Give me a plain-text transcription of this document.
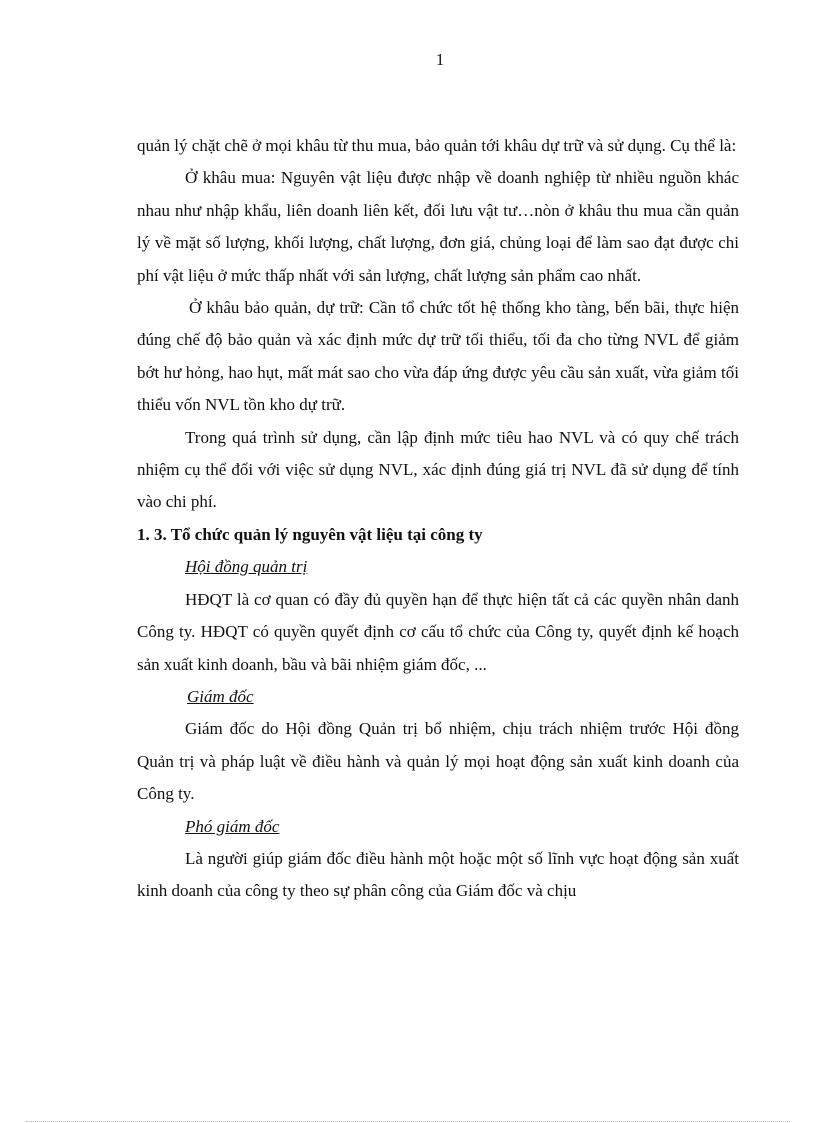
1

quản lý chặt chẽ ở mọi khâu từ thu mua, bảo quản tới khâu dự trữ và sử dụng. Cụ thể là:

Ở khâu mua: Nguyên vật liệu được nhập về doanh nghiệp từ nhiều nguồn khác nhau như nhập khẩu, liên doanh liên kết, đối lưu vật tư…nòn ở khâu thu mua cần quản lý về mặt số lượng, khối lượng, chất lượng, đơn giá, chủng loại để làm sao đạt được chi phí vật liệu ở mức thấp nhất với sản lượng, chất lượng sản phẩm cao nhất.

Ở khâu bảo quản, dự trữ: Cần tổ chức tốt hệ thống kho tàng, bến bãi, thực hiện đúng chế độ bảo quản và xác định mức dự trữ tối thiểu, tối đa cho từng NVL để giảm bớt hư hỏng, hao hụt, mất mát sao cho vừa đáp ứng được yêu cầu sản xuất, vừa giảm tối thiểu vốn NVL tồn kho dự trữ.

Trong quá trình sử dụng, cần lập định mức tiêu hao NVL và có quy chế trách nhiệm cụ thể đối với việc sử dụng NVL, xác định đúng giá trị NVL đã sử dụng để tính vào chi phí.

1. 3. Tổ chức quản lý nguyên vật liệu tại công ty

Hội đồng quản trị

HĐQT là cơ quan có đầy đủ quyền hạn để thực hiện tất cả các quyền nhân danh Công ty. HĐQT có quyền quyết định cơ cấu tổ chức của Công ty, quyết định kế hoạch sản xuất kinh doanh, bầu và bãi nhiệm giám đốc, ...

Giám đốc

Giám đốc do Hội đồng Quản trị bổ nhiệm, chịu trách nhiệm trước Hội đồng Quản trị và pháp luật về điều hành và quản lý mọi hoạt động sản xuất kinh doanh của Công ty.

Phó giám đốc

Là người giúp giám đốc điều hành một hoặc một số lĩnh vực hoạt động sản xuất kinh doanh của công ty theo sự phân công của Giám đốc và chịu
